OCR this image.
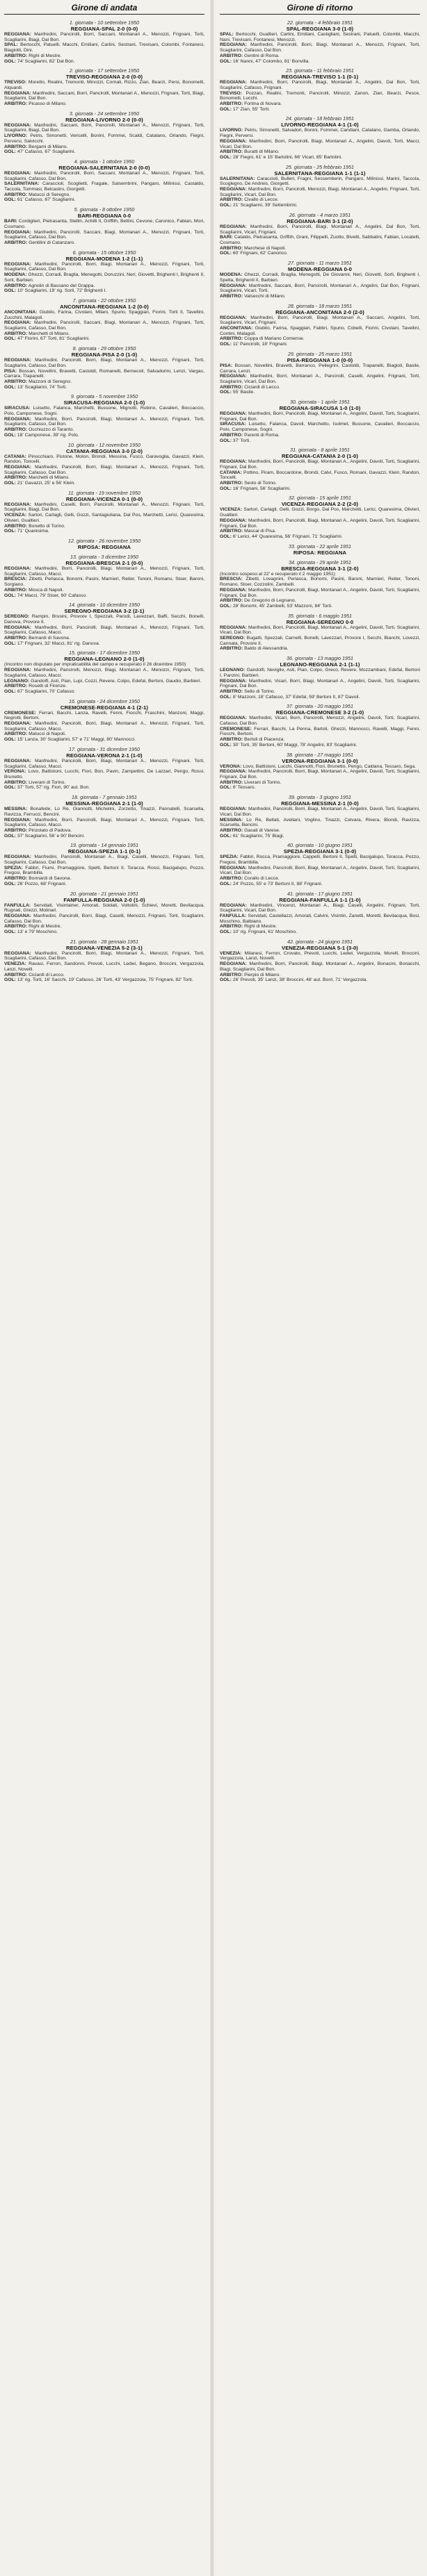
Girone di andata
1. giornata - 10 settembre 1950
REGGIANA-SPAL 2-0 (0-0)
REGGIANA: Manfredini, Pancirolli, Borri, Saccani, Montanari A., Menozzi, Frignani, Torti, Scagliarini, Biagi, Dal Bon.
SPAL: Bertocchi, Patuelli, Macchi, Emiliani, Carlini, Sestrani, Trevisani, Colombi, Fontanesi, Biagiotti, Dini.
ARBITRO: Righi di Mestre.
GOL: 74' Scagliarini, 82' Dal Bon.
2. giornata - 17 settembre 1950
TREVISO-REGGIANA 2-0 (0-0)
TREVISO: Moretto, Realini, Tremonti, Minozzi, Cornali, Rizzo, Zian, Bearzi, Persi, Bonomelli, Alquardi.
REGGIANA: Manfredini, Saccani, Borri, Pancirolli, Montanari A., Menozzi, Frignani, Torti, Biagi, Scagliarini, Dal Bon.
ARBITRO: Picasso di Milano.
3. giornata - 24 settembre 1950
REGGIANA-LIVORNO 2-0 (0-0)
REGGIANA: Manfredini, Saccani, Borri, Pancirolli, Montanari A., Menozzi, Frignani, Torti, Scagliarini, Biagi, Dal Bon.
LIVORNO: Petris, Simonetti, Vericelli, Bonini, Fommei, Scaldi, Catalano, Orlando, Fiegni, Perversi, Salvicchi.
ARBITRO: Bergami di Milano.
GOL: 47' Cafasso, 67' Scagliarini.
4. giornata - 1 ottobre 1950
REGGIANA-SALERNITANA 2-0 (0-0)
REGGIANA: Manfredini, Pancirolli, Borri, Saccani, Montanari A., Menozzi, Frignani, Torti, Scagliarini, Cafasso, Dal Bon.
SALERNITANA: Caraccioli, Scoglietti, Fragale, Salsembrini, Pangaro, Milinissi, Castaldo, Taccola, Tommasi, Belcastro, Giorgetti.
ARBITRO: Matucci di Seregno.
GOL: 61' Cafasso, 67' Scagliarini.
5. giornata - 8 ottobre 1950
BARI-REGGIANA 0-0
BARI: Cordiglieri, Pietrasanta, Stellin, Achilli II, Griffith, Bettini, Cevone, Caronico, Fabian, Mori, Cosmano.
REGGIANA: Manfredini, Pancirolli, Saccani, Biagi, Montanari A., Menozzi, Frignani, Torti, Scagliarini, Cafasso, Dal Bon.
ARBITRO: Gentilini di Catanzaro.
6. giornata - 15 ottobre 1950
REGGIANA-MODENA 1-2 (1-1)
REGGIANA: Manfredini, Pancirolli, Borri, Biagi, Montanari A., Menozzi, Frignani, Torti, Scagliarini, Cafasso, Dal Bon.
MODENA: Ghezzi, Corradi, Braglia, Menegotti, Doruzzini, Neri, Giovetti, Brighenti I, Brighenti II, Sorli, Barbieri.
ARBITRO: Agnolin di Bassano del Grappa.
GOL: 10' Scagliarini, 19' rig. Sorli, 72' Brighenti I.
7. giornata - 22 ottobre 1950
ANCONITANA-REGGIANA 1-2 (0-0)
ANCONITANA: Giubilo, Farina, Civolani, Milani, Spurio, Spaggiari, Fiorini, Torti II, Tavellini, Zucchini, Malagoli.
REGGIANA: Manfredini, Pancirolli, Saccani, Biagi, Montanari A., Menozzi, Frignani, Torti, Scagliarini, Cafasso, Dal Bon.
ARBITRO: Marchetti di Milano.
GOL: 47' Fiorini, 67' Torti, 81' Scagliarini.
8. giornata - 29 ottobre 1950
REGGIANA-PISA 2-0 (1-0)
REGGIANA: Manfredini, Pancirolli, Borri, Biagi, Montanari A., Menozzi, Frignani, Torti, Scagliarini, Cafasso, Dal Bon.
PISA: Bossan, Novellini, Bravetti, Castoldi, Romanelli, Bernecoli, Salvadorini, Lenzi, Vargas, Carrara, Trapanelli.
ARBITRO: Mazzoni di Seregno.
GOL: 13' Scagliarini, 74' Torti.
9. giornata - 5 novembre 1950
SIRACUSA-REGGIANA 2-0 (1-0)
SIRACUSA: Luisetto, Falanca, Marchetti, Bussone, Mignotti, Rubino, Cavalieri, Boccaccio, Polo, Camponese, Sogni.
REGGIANA: Manfredini, Borri, Pancirolli, Biagi, Montanari A., Menozzi, Frignani, Torti, Scagliarini, Cafasso, Dal Bon.
ARBITRO: Occhiuzzo di Taranto.
GOL: 18' Camponese, 39' rig. Polo.
10. giornata - 12 novembre 1950
CATANIA-REGGIANA 3-0 (2-0)
CATANIA: Pinocchiaro, Pistone, Molon, Brondi, Messina, Fusco, Garavoglia, Gavazzi, Klein, Randon, Toncelli.
REGGIANA: Manfredini, Pancirolli, Borri, Biagi, Montanari A., Menozzi, Frignani, Torti, Scagliarini, Cafasso, Dal Bon.
ARBITRO: Marchetti di Milano.
GOL: 21' Gavazzi, 25' e 56' Klein.
11. giornata - 19 novembre 1950
REGGIANA-VICENZA 0-1 (0-0)
REGGIANA: Manfredini, Caselli, Borri, Pancirolli, Montanari A., Menozzi, Frignani, Torti, Scagliarini, Biagi, Dal Bon.
VICENZA: Sartori, Carlagli, Gelli, Gozzi, Santagiuliana, Dal Pos, Marchetti, Lerici, Quaresima, Olivieri, Gualtieri.
ARBITRO: Bonetto di Torino.
GOL: 71' Quaresima.
12. giornata - 26 novembre 1950
RIPOSA: REGGIANA
13. giornata - 3 dicembre 1950
REGGIANA-BRESCIA 2-1 (0-0)
REGGIANA: Manfredini, Borri, Pancirolli, Biagi, Montanari A., Menozzi, Frignani, Torti, Scagliarini, Cafasso, Macci.
BRESCIA: Zibetti, Perlasca, Bonomi, Pasini, Marnieri, Reiter, Tononi, Romano, Stoer, Baroni, Sorgiano.
ARBITRO: Mosca di Napoli.
GOL: 74' Macci, 79' Stoer, 90' Cafasso.
14. giornata - 10 dicembre 1950
SEREGNO-REGGIANA 3-2 (2-1)
SEREGNO: Rampin, Brusini, Provore I, Spezzali, Parodi, Lavezzari, Baffi, Secchi, Bonelli, Danova, Provore II.
REGGIANA: Manfredini, Borri, Pancirolli, Biagi, Montanari A., Menozzi, Frignani, Torti, Scagliarini, Cafasso, Macci.
ARBITRO: Bernardi di Savona.
GOL: 17' Frignani, 32' Macci, 81' rig. Danova.
15. giornata - 17 dicembre 1950
REGGIANA-LEGNANO 2-0 (1-0)
(Incontro non disputato per impraticabilità del campo e recuperato il 26 dicembre 1950)
REGGIANA: Manfredini, Pancirolli, Menozzi, Biagi, Montanari A., Menozzi, Frignani, Torti, Scagliarini, Cafasso, Macci.
LEGNANO: Gandolfi, Asti, Pian, Lupi, Cozzi, Revere, Colpo, Edefal, Bertoni, Gaudio, Barbieri.
ARBITRO: Rosetti di Firenze.
GOL: 67' Scagliarini, 70' Cafasso.
16. giornata - 24 dicembre 1950
CREMONESE-REGGIANA 4-1 (2-1)
CREMONESE: Ferrari, Bacchi, Lanza, Ravelli, Fenni, Fiocchi, Fraschini, Manzoni, Maggi, Negrotti, Bertoni.
REGGIANA: Manfredini, Pancirolli, Borri, Biagi, Montanari A., Menozzi, Frignani, Torti, Scagliarini, Cafasso, Macci.
ARBITRO: Matucci di Napoli.
GOL: 15' Lanza, 30' Scagliarini, 57' e 71' Maggi, 80' Mannocci.
17. giornata - 31 dicembre 1950
REGGIANA-VERONA 2-1 (1-0)
REGGIANA: Manfredini, Pancirolli, Borri, Biagi, Montanari A., Menozzi, Frignani, Torti, Scagliarini, Cafasso, Macci.
VERONA: Lovo, Battistoni, Lucchi, Fiori, Bon, Pavin, Zampettini, De Lazzari, Pengo, Rossi, Brunetto.
ARBITRO: Liverani di Torino.
GOL: 37' Torti, 57' rig. Fiori, 90' aut. Bon.
18. giornata - 7 gennaio 1951
MESSINA-REGGIANA 2-1 (1-0)
MESSINA: Bonafede, Lo Re, Giannotti, Michelini, Zorzetto, Tinazzi, Pannatelli, Scarsella, Ravizza, Ferrucci, Bencini.
REGGIANA: Manfredini, Borri, Pancirolli, Biagi, Montanari A., Menozzi, Frignani, Torti, Scagliarini, Cafasso, Macci.
ARBITRO: Pinzolato di Padova.
GOL: 37' Scagliarini, 56' e 90' Bencini.
19. giornata - 14 gennaio 1951
REGGIANA-SPEZIA 1-1 (0-1)
REGGIANA: Manfredini, Pancirolli, Montanari A., Biagi, Caselli, Menozzi, Frignani, Torti, Scagliarini, Cafasso, Dal Bon.
SPEZIA: Fabbri, Fiumi, Pramaggiore, Spelti, Bertoni II, Toracca, Rossi, Bacigalupo, Pozzo, Fregosi, Brambilla.
ARBITRO: Bonnardi di Savona.
GOL: 26' Pozzo, 68' Frignani.
20. giornata - 21 gennaio 1951
FANFULLA-REGGIANA 2-0 (1-0)
FANFULLA: Servidati, Visintainer, Amorati, Soldati, Voltolini, Schievi, Moretti, Bevilacqua, Rugnati, Grezzi, Molinari.
REGGIANA: Manfredini, Pancirolli, Borri, Biagi, Caselli, Menozzi, Frignani, Torti, Scagliarini, Cafasso, Dal Bon.
ARBITRO: Righi di Mestre.
GOL: 13' e 79' Moschino.
21. giornata - 28 gennaio 1951
REGGIANA-VENEZIA 5-2 (3-1)
REGGIANA: Manfredini, Pancirolli, Borri, Biagi, Montanari A., Menozzi, Frignani, Torti, Scagliarini, Cafasso, Dal Bon.
VENEZIA: Ravasi, Ferron, Sandonni, Prevoti, Lucchi, Ledwi, Begano, Broccini, Vergazzola, Lanzi, Novelli.
ARBITRO: Ciciardi di Lecco.
GOL: 13' rig. Torti, 16' Sacchi, 19' Cafasso, 26' Torti, 43' Vergazzola, 75' Frignani, 82' Torti.
Girone di ritorno
22. giornata - 4 febbraio 1951
SPAL-REGGIANA 3-0 (1-0)
SPAL: Bertocchi, Gualtieri, Carlini, Emiliani, Castigliani, Sestrani, Patuelli, Colombi, Macchi, Nani, Trevisani, Fontanesi, Menozzi.
REGGIANA: Manfredini, Pancirolli, Borri, Biagi, Montanari A., Menozzi, Frignani, Torti, Scagliarini, Cafasso, Dal Bon.
ARBITRO: Gentini di Roma.
GOL: 16' Nanni, 47' Colombo, 81' Bonvilla.
23. giornata - 11 febbraio 1951
REGGIANA-TREVISO 1-1 (0-1)
REGGIANA: Manfredini, Borri, Pancirolli, Biagi, Montanari A., Angelini, Dal Bon, Torti, Scagliarini, Cafasso, Frignani.
TREVISO: Pozzan, Realini, Tremonti, Pancirolli, Minozzi, Zanon, Zian, Bearzi, Pesce, Bonomelli, Lucchi.
ARBITRO: Fortina di Novara.
GOL: 17' Zian, 55' Torti.
24. giornata - 18 febbraio 1951
LIVORNO-REGGIANA 4-1 (1-0)
LIVORNO: Petris, Simonetti, Salvadori, Bonini, Fommei, Candiani, Catalano, Gamba, Orlando, Fiegni, Perversi.
REGGIANA: Manfredini, Borri, Pancirolli, Biagi, Montanari A., Angelini, Davoli, Torti, Macci, Vicari, Dal Bon.
ARBITRO: Buratti di Milano.
GOL: 28' Fiegni, 61' e 15' Bartolini, 66' Vicari, 85' Bartolini.
25. giornata - 25 febbraio 1951
SALERNITANA-REGGIANA 1-1 (1-1)
SALERNITANA: Caraccioli, Bulleri, Fragni, Sessemberin, Pangaro, Milinissi, Marini, Taccola, Scoglegno, De Andreis, Giorgetti.
REGGIANA: Manfredini, Borri, Pancirolli, Menozzi, Biagi, Montanari A., Angelini, Frignani, Torti, Scagliarini, Vicari, Dal Bon.
ARBITRO: Civallo di Lecce.
GOL: 21' Scagliarini, 39' Settembrini.
26. giornata - 4 marzo 1951
REGGIANA-BARI 3-1 (2-0)
REGGIANA: Manfredini, Borri, Pancirolli, Biagi, Montanari A., Angelini, Dal Bon, Torti, Scagliarini, Vicari, Frignani.
BARI: Cataldo, Pietrasanta, Griffith, Grani, Filippelli, Zuotto, Bivetti, Sabbatini, Fabian, Locatelli, Cosmano.
ARBITRO: Marchese di Napoli.
GOL: 60' Frignani, 62' Canorico.
27. giornata - 11 marzo 1951
MODENA-REGGIANA 0-0
MODENA: Ghezzi, Corradi, Braglia, Menegotti, De Giovanni, Neri, Giovetti, Sorli, Brighenti I, Spelta, Brighenti II, Barbieri.
REGGIANA: Manfredini, Saccani, Borri, Pancirolli, Montanari A., Angelini, Dal Bon, Frignani, Scagliarini, Vicari, Torti.
ARBITRO: Valsecchi di Milano.
28. giornata - 18 marzo 1951
REGGIANA-ANCONITANA 2-0 (2-0)
REGGIANA: Manfredini, Borri, Pancirolli, Biagi, Montanari A., Saccani, Angelini, Torti, Scagliarini, Vicari, Frignani.
ANCONITANA: Giubilo, Farina, Spaggiari, Fabbri, Spurio, Cobelli, Fiorini, Civolani, Tavellini, Contini, Malagoli.
ARBITRO: Coppa di Mariano Comense.
GOL: 11' Pancirolli, 18' Frignani.
29. giornata - 25 marzo 1951
PISA-REGGIANA 1-0 (0-0)
PISA: Bossan, Novellini, Bravetti, Barranco, Pellegrini, Castoldi, Trapanelli, Biagioli, Basile, Carrara, Lenzi.
REGGIANA: Manfredini, Borri, Montanari A., Pancirolli, Caselli, Angelini, Frignani, Torti, Scagliarini, Vicari, Dal Bon.
ARBITRO: Ciciardi di Lecco.
GOL: 55' Basile.
30. giornata - 1 aprile 1951
REGGIANA-SIRACUSA 1-0 (1-0)
REGGIANA: Manfredini, Borri, Pancirolli, Biagi, Montanari A., Angelini, Davoli, Torti, Scagliarini, Frignani, Dal Bon.
SIRACUSA: Luisetto, Falanca, Davoli, Marchetto, Isolmet, Bussone, Cavalieri, Boccaccio, Polo, Camponese, Sogni.
ARBITRO: Parenti di Roma.
GOL: 37' Torti.
31. giornata - 8 aprile 1951
REGGIANA-CATANIA 2-0 (1-0)
REGGIANA: Manfredini, Borri, Pancirolli, Biagi, Montanari A., Angelini, Davoli, Torti, Scagliarini, Frignani, Dal Bon.
CATANIA: Pottino, Piram, Boccardone, Brondi, Calvi, Fusco, Romani, Gavazzi, Klein, Randon, Toncelli.
ARBITRO: Sesto di Torino.
GOL: 16' Frignani, 56' Scagliarini.
32. giornata - 15 aprile 1951
VICENZA-REGGIANA 2-2 (2-0)
VICENZA: Sartori, Carlagli, Gelli, Gozzi, Borgo, Dal Pos, Marchetti, Lerici, Quaresima, Olivieri, Gualtieri.
REGGIANA: Manfredini, Borri, Pancirolli, Biagi, Montanari A., Angelini, Davoli, Torti, Scagliarini, Frignani, Dal Bon.
ARBITRO: Mascai di Pisa.
GOL: 6' Lerici, 44' Quaresima, 56' Frignani, 71' Scagliarini.
33. giornata - 22 aprile 1951
RIPOSA: REGGIANA
34. giornata - 29 aprile 1951
BRESCIA-REGGIANA 3-1 (2-0)
(Incontro sospeso al 22' e recuperato il 2 maggio 1951)
BRESCIA: Zibetti, Lovagnini, Perlasca, Bonomi, Pasini, Baroni, Marnieri, Reiter, Tononi, Romano, Stoer, Cozzolini, Zambelli.
REGGIANA: Manfredini, Borri, Pancirolli, Biagi, Montanari A., Angelini, Davoli, Torti, Scagliarini, Frignani, Dal Bon.
ARBITRO: De Gregorio di Legnano.
GOL: 28' Bonomi, 45' Zambelli, 53' Mazzoni, 84' Torti.
35. giornata - 6 maggio 1951
REGGIANA-SEREGNO 0-0
REGGIANA: Manfredini, Borri, Pancirolli, Biagi, Montanari A., Angelini, Davoli, Torti, Scagliarini, Vicari, Dal Bon.
SEREGNO: Bugatti, Spezzali, Carnelli, Bonelli, Lavezzari, Provore I, Secchi, Bianchi, Lovezzi, Cannata, Provore II.
ARBITRO: Baldo di Alessandria.
36. giornata - 13 maggio 1951
LEGNANO-REGGIANA 2-1 (1-1)
LEGNANO: Gandolfi, Neviglio, Asti, Pian, Colpo, Greco, Revere, Mozzambani, Edefal, Bertoni I, Panzini, Barbieri.
REGGIANA: Manfredini, Vicari, Borri, Biagi, Montanari A., Angelini, Davoli, Torti, Scagliarini, Frignani, Dal Bon.
ARBITRO: Sello di Torino.
GOL: 8' Mazzoni, 18' Cafasso, 37' Edefal, 59' Bertoni II, 87' Davoli.
37. giornata - 20 maggio 1951
REGGIANA-CREMONESE 3-2 (1-0)
REGGIANA: Manfredini, Vicari, Borri, Pancirolli, Menozzi, Angelini, Davoli, Torti, Scagliarini, Cafasso, Dal Bon.
CREMONESE: Ferrari, Bacchi, La Penna, Bartoli, Ghezzi, Mannocci, Ravelli, Maggi, Fenni, Fiocchi, Bertoni.
ARBITRO: Bertoli di Piacenza.
GOL: 30' Torti, 35' Bertoni, 60' Maggi, 78' Angelini, 83' Scagliarini.
38. giornata - 27 maggio 1951
VERONA-REGGIANA 3-1 (0-0)
VERONA: Lovo, Battistoni, Lucchi, Giannotti, Fiori, Brunetto, Pengo, Caldana, Tessaro, Sega.
REGGIANA: Manfredini, Pancirolli, Borri, Biagi, Montanari A., Angelini, Davoli, Torti, Scagliarini, Frignani, Dal Bon.
ARBITRO: Liverani di Torino.
GOL: 6' Tessaro.
39. giornata - 3 giugno 1951
REGGIANA-MESSINA 2-1 (0-0)
REGGIANA: Manfredini, Pancirolli, Borri, Biagi, Montanari A., Angelini, Davoli, Torti, Scagliarini, Vicari, Dal Bon.
MESSINA: Lo Re, Bellati, Avellani, Voglino, Tinazzi, Celvara, Rivera, Biondi, Ravizza, Scarsella, Bencini.
ARBITRO: Gasati di Varese.
GOL: 61' Scagliarini, 75' Biagi.
40. giornata - 10 giugno 1951
SPEZIA-REGGIANA 3-1 (0-0)
SPEZIA: Fabbri, Rocca, Pramaggiore, Cappelli, Bertoni II, Spelti, Bacigalupo, Toracca, Pozzo, Fregosi, Brambilla.
REGGIANA: Manfredini, Pancirolli, Borri, Biagi, Montanari A., Angelini, Davoli, Torti, Scagliarini, Vicari, Dal Bon.
ARBITRO: Corallo di Lecce.
GOL: 24' Pozzo, 55' e 73' Bertoni II, 88' Frignani.
41. giornata - 17 giugno 1951
REGGIANA-FANFULLA 1-1 (1-0)
REGGIANA: Manfredini, Vincenzi, Montanari A., Biagi, Caselli, Angelini, Frignani, Torti, Scagliarini, Vicari, Dal Bon.
FANFULLA: Servidati, Castellazzi, Amorati, Calvini, Visintin, Zanetti, Moretti, Bevilacqua, Bosi, Moschino, Balbiano.
ARBITRO: Righi di Mestre.
GOL: 10' rig. Frignani, 61' Moschino.
42. giornata - 24 giugno 1951
VENEZIA-REGGIANA 5-1 (3-0)
VENEZIA: Milanesi, Ferron, Crovato, Prevoti, Lucchi, Ledwi, Vergazzola, Morelli, Broccini, Vergazzola, Lanzi, Novelli.
REGGIANA: Manfredini, Borri, Pancirolli, Biagi, Montanari A., Angelini, Bonacini, Bonacchi, Biagi, Scagliarini, Dal Bon.
ARBITRO: Pierpio di Milano.
GOL: 26' Prevoti, 35' Lanzi, 38' Broccini, 48' aut. Borri, 71' Vergazzola.
